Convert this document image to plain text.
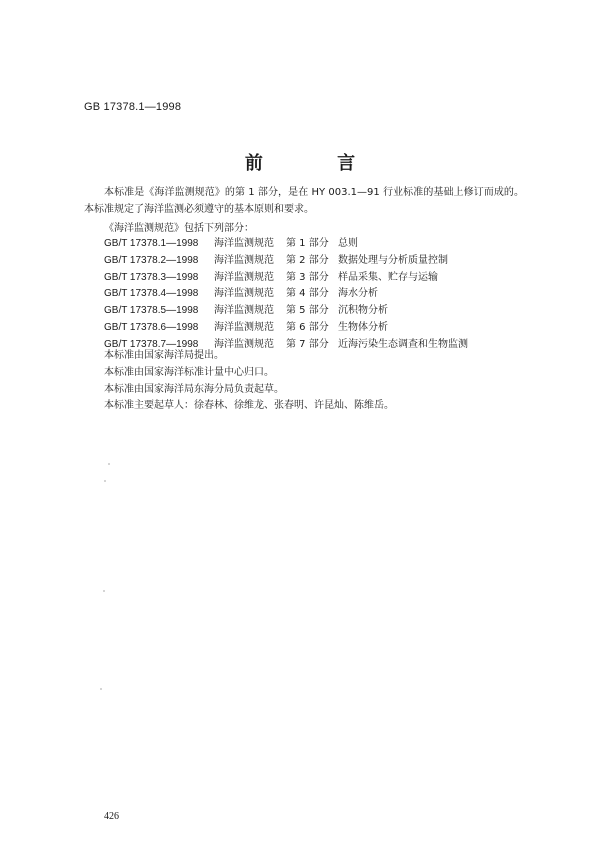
GB 17378.1—1998
前 言
本标准是《海洋监测规范》的第 1 部分，是在 HY 003.1—91 行业标准的基础上修订而成的。本标准规定了海洋监测必须遵守的基本原则和要求。
《海洋监测规范》包括下列部分：
GB/T 17378.1—1998	海洋监测规范	第 1 部分 总则
GB/T 17378.2—1998	海洋监测规范	第 2 部分 数据处理与分析质量控制
GB/T 17378.3—1998	海洋监测规范	第 3 部分 样品采集、贮存与运输
GB/T 17378.4—1998	海洋监测规范	第 4 部分 海水分析
GB/T 17378.5—1998	海洋监测规范	第 5 部分 沉积物分析
GB/T 17378.6—1998	海洋监测规范	第 6 部分 生物体分析
GB/T 17378.7—1998	海洋监测规范	第 7 部分 近海污染生态调查和生物监测
本标准由国家海洋局提出。
本标准由国家海洋标准计量中心归口。
本标准由国家海洋局东海分局负责起草。
本标准主要起草人：徐春林、徐维龙、张春明、许昆灿、陈维岳。
426
